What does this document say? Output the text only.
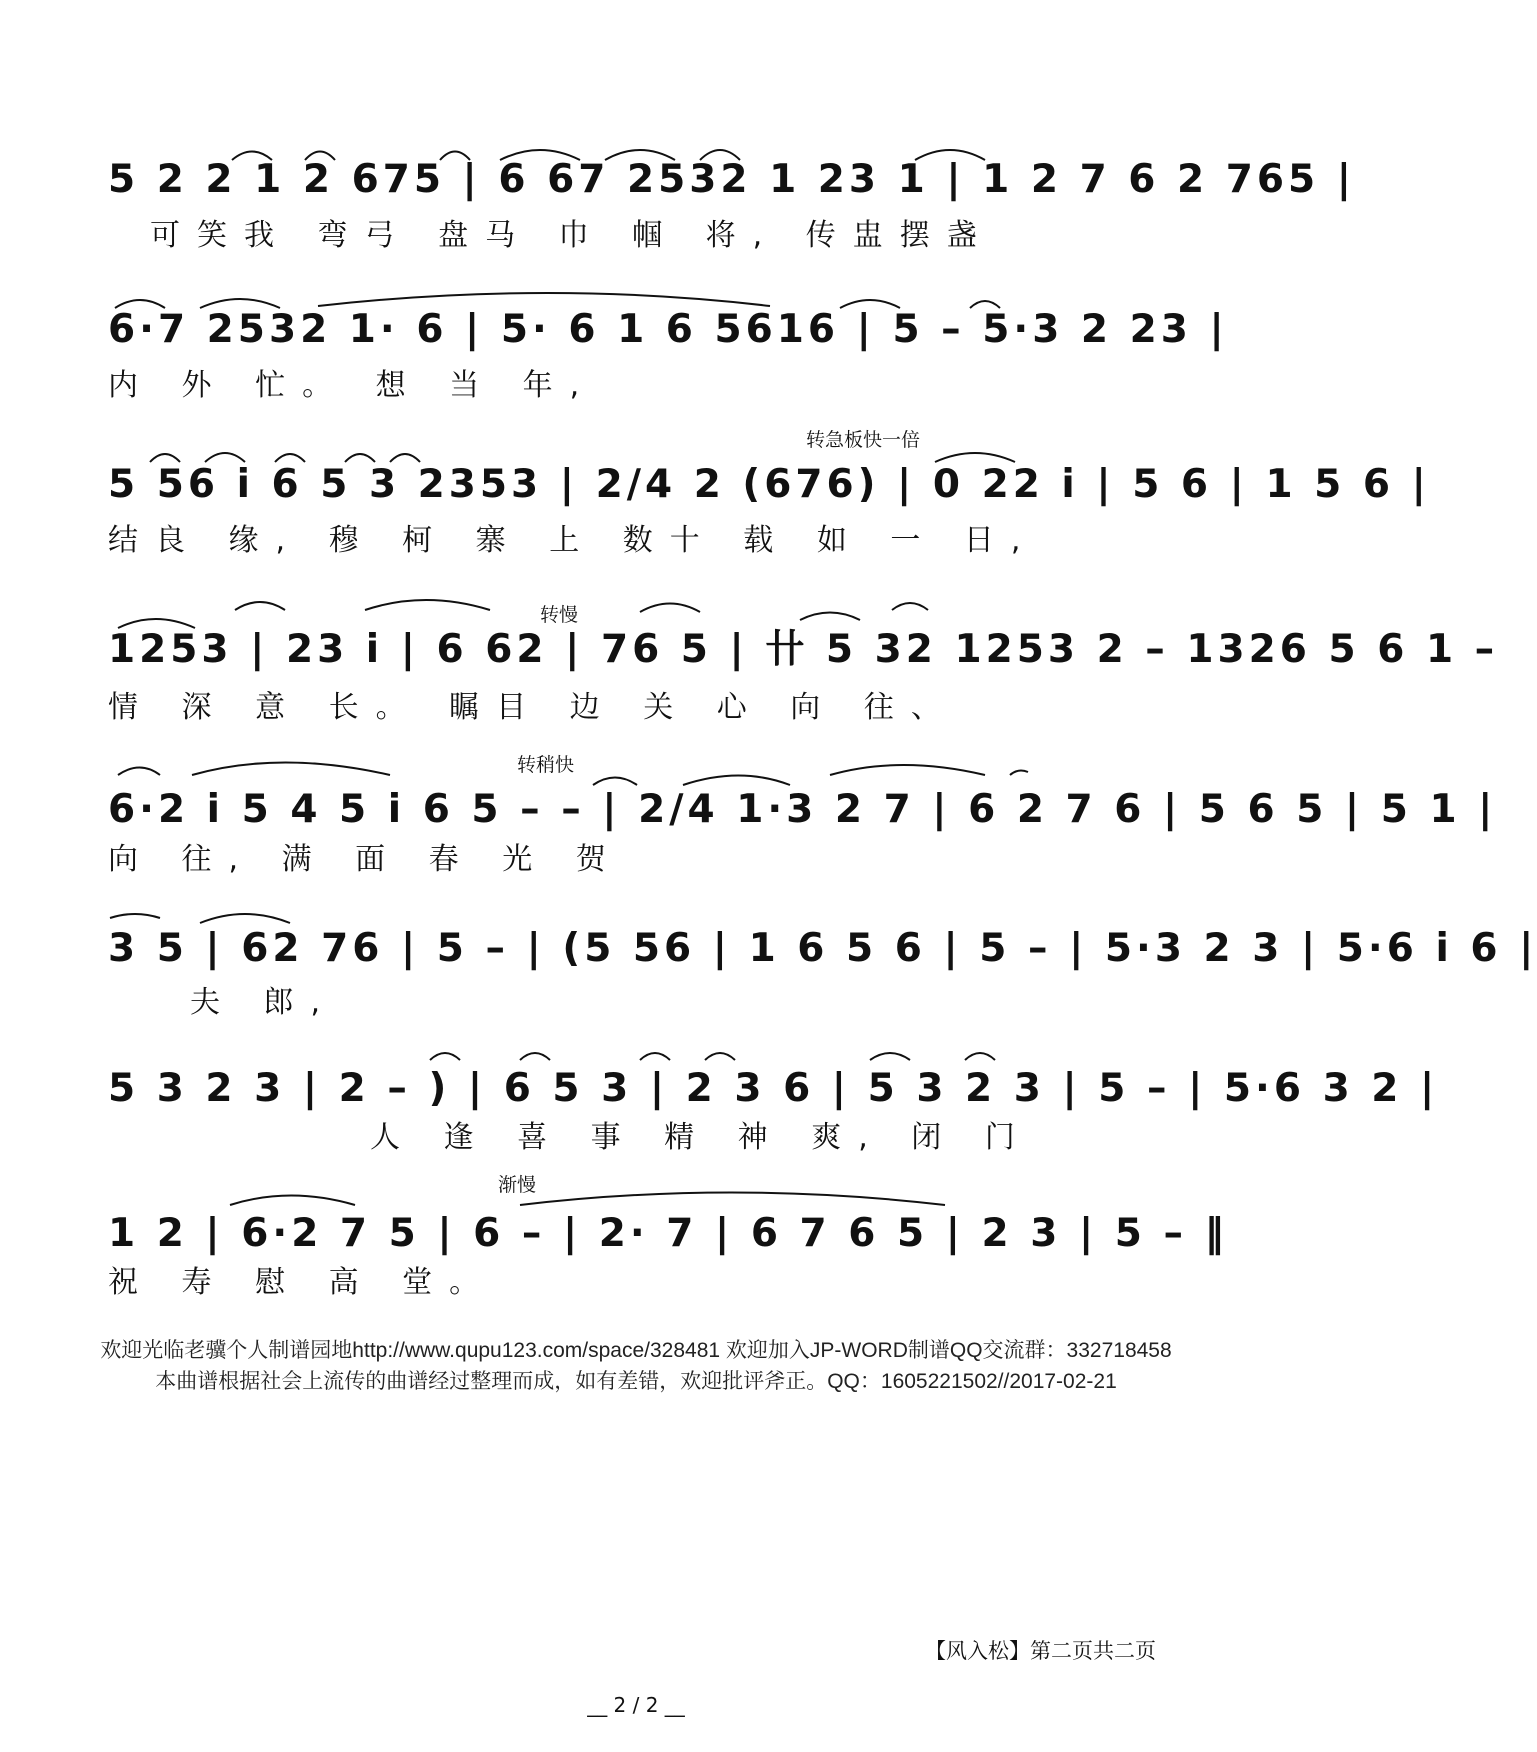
5 2 2 1 2 675 | 6 67 2532 1 23 1 | 1 2 7 6 2 765 |
可笑我 弯弓 盘马 巾 帼 将, 传盅摆盏
6·7 2532 1· 6 | 5· 6 1 6 5616 | 5 – 5·3 2 23 |
内 外 忙。 想 当 年,
转急板快一倍
5 56 i 6 5 3 2353 | 2/4 2 (676) | 0 22 i | 5 6 | 1 5 6 |
结良 缘, 穆 柯 寨 上 数十 载 如 一 日,
转慢
1253 | 23 i | 6 62 | 76 5 | 卄 5 32 1253 2 – 1326 5 6 1 –
情 深 意 长。 瞩目 边 关 心 向 往、
转稍快
6·2 i 5 4 5 i 6 5 – – | 2/4 1·3 2 7 | 6 2 7 6 | 5 6 5 | 5 1 |
向 往, 满 面 春 光 贺
3 5 | 62 76 | 5 – | (5 56 | 1 6 5 6 | 5 – | 5·3 2 3 | 5·6 i 6 |
夫 郎,
5 3 2 3 | 2 – ) | 6 5 3 | 2 3 6 | 5 3 2 3 | 5 – | 5·6 3 2 |
人 逢 喜 事 精 神 爽, 闭 门
渐慢
1 2 | 6·2 7 5 | 6 – | 2· 7 | 6 7 6 5 | 2 3 | 5 – ‖
祝 寿 慰 高 堂。
欢迎光临老骥个人制谱园地http://www.qupu123.com/space/328481 欢迎加入JP-WORD制谱QQ交流群：332718458
本曲谱根据社会上流传的曲谱经过整理而成，如有差错，欢迎批评斧正。QQ：1605221502//2017-02-21
【风入松】第二页共二页
__ 2 / 2 __
